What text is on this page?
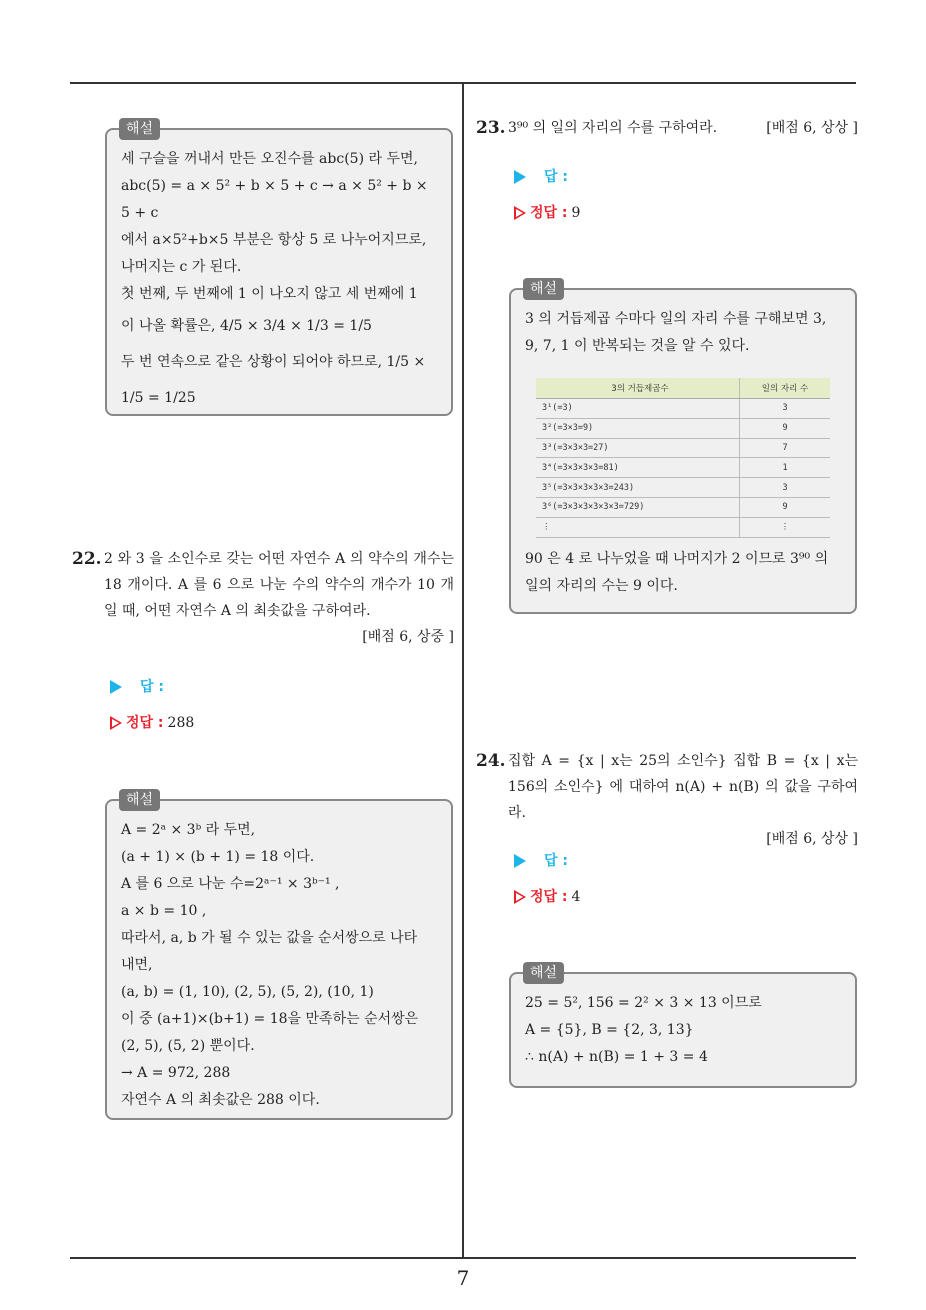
해설

세 구슬을 꺼내서 만든 오진수를 abc(5) 라 두면,

abc(5) = a × 5² + b × 5 + c → a × 5² + b × 5 + c

에서 a×5²+b×5 부분은 항상 5 로 나누어지므로,

나머지는 c 가 된다.

첫 번째, 두 번째에 1 이 나오지 않고 세 번째에 1

이 나올 확률은, 4/5 × 3/4 × 1/3 = 1/5

두 번 연속으로 같은 상황이 되어야 하므로, 1/5 ×

1/5 = 1/25

22. 2 와 3 을 소인수로 갖는 어떤 자연수 A 의 약수의 개수는 18 개이다. A 를 6 으로 나눈 수의 약수의 개수가 10 개일 때, 어떤 자연수 A 의 최솟값을 구하여라.
[배점 6, 상중 ]
답 :
정답 : 288
해설

A = 2ᵃ × 3ᵇ 라 두면,

(a + 1) × (b + 1) = 18 이다.

A 를 6 으로 나눈 수=2ᵃ⁻¹ × 3ᵇ⁻¹ ,

a × b = 10 ,

따라서, a, b 가 될 수 있는 값을 순서쌍으로 나타

내면,

(a, b) = (1, 10), (2, 5), (5, 2), (10, 1)

이 중 (a+1)×(b+1) = 18을 만족하는 순서쌍은

(2, 5), (5, 2) 뿐이다.

→ A = 972, 288

자연수 A 의 최솟값은 288 이다.

23. 3⁹⁰ 의 일의 자리의 수를 구하여라.	[배점 6, 상상 ]
답 :
정답 : 9
해설

3 의 거듭제곱 수마다 일의 자리 수를 구해보면 3,

9, 7, 1 이 반복되는 것을 알 수 있다.

90 은 4 로 나누었을 때 나머지가 2 이므로 3⁹⁰ 의

일의 자리의 수는 9 이다.

3의 거듭제곱수	일의 자리 수
3¹(=3)	3
3²(=3×3=9)	9
3³(=3×3×3=27)	7
3⁴(=3×3×3×3=81)	1
3⁵(=3×3×3×3×3=243)	3
3⁶(=3×3×3×3×3×3=729)	9
⋮	⋮
24. 집합 A = {x | x는 25의 소인수} 집합 B = {x | x는 156의 소인수} 에 대하여 n(A) + n(B) 의 값을 구하여라.
[배점 6, 상상 ]
답 :
정답 : 4
해설

25 = 5², 156 = 2² × 3 × 13 이므로

A = {5}, B = {2, 3, 13}

∴ n(A) + n(B) = 1 + 3 = 4

7
